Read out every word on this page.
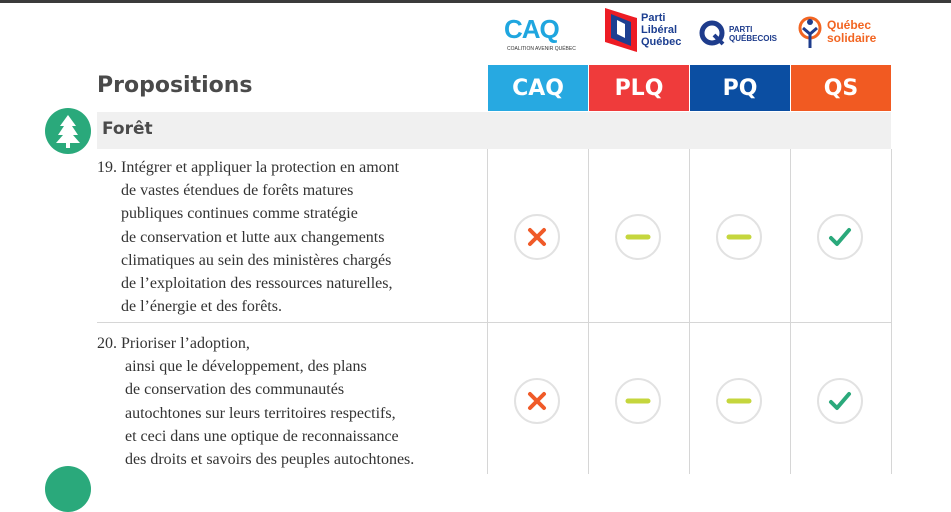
CAQ
COALITION AVENIR QUÉBEC
Parti
Libéral
Québec
PARTI
QUÉBECOIS
Québec
solidaire
Propositions	CAQ	PLQ	PQ	QS
Forêt
19. Intégrer et appliquer la protection en amont
de vastes étendues de forêts matures
publiques continues comme stratégie
de conservation et lutte aux changements
climatiques au sein des ministères chargés
de l’exploitation des ressources naturelles,
de l’énergie et des forêts.
20. Prioriser l’adoption,
ainsi que le développement, des plans
de conservation des communautés
autochtones sur leurs territoires respectifs,
et ceci dans une optique de reconnaissance
des droits et savoirs des peuples autochtones.
